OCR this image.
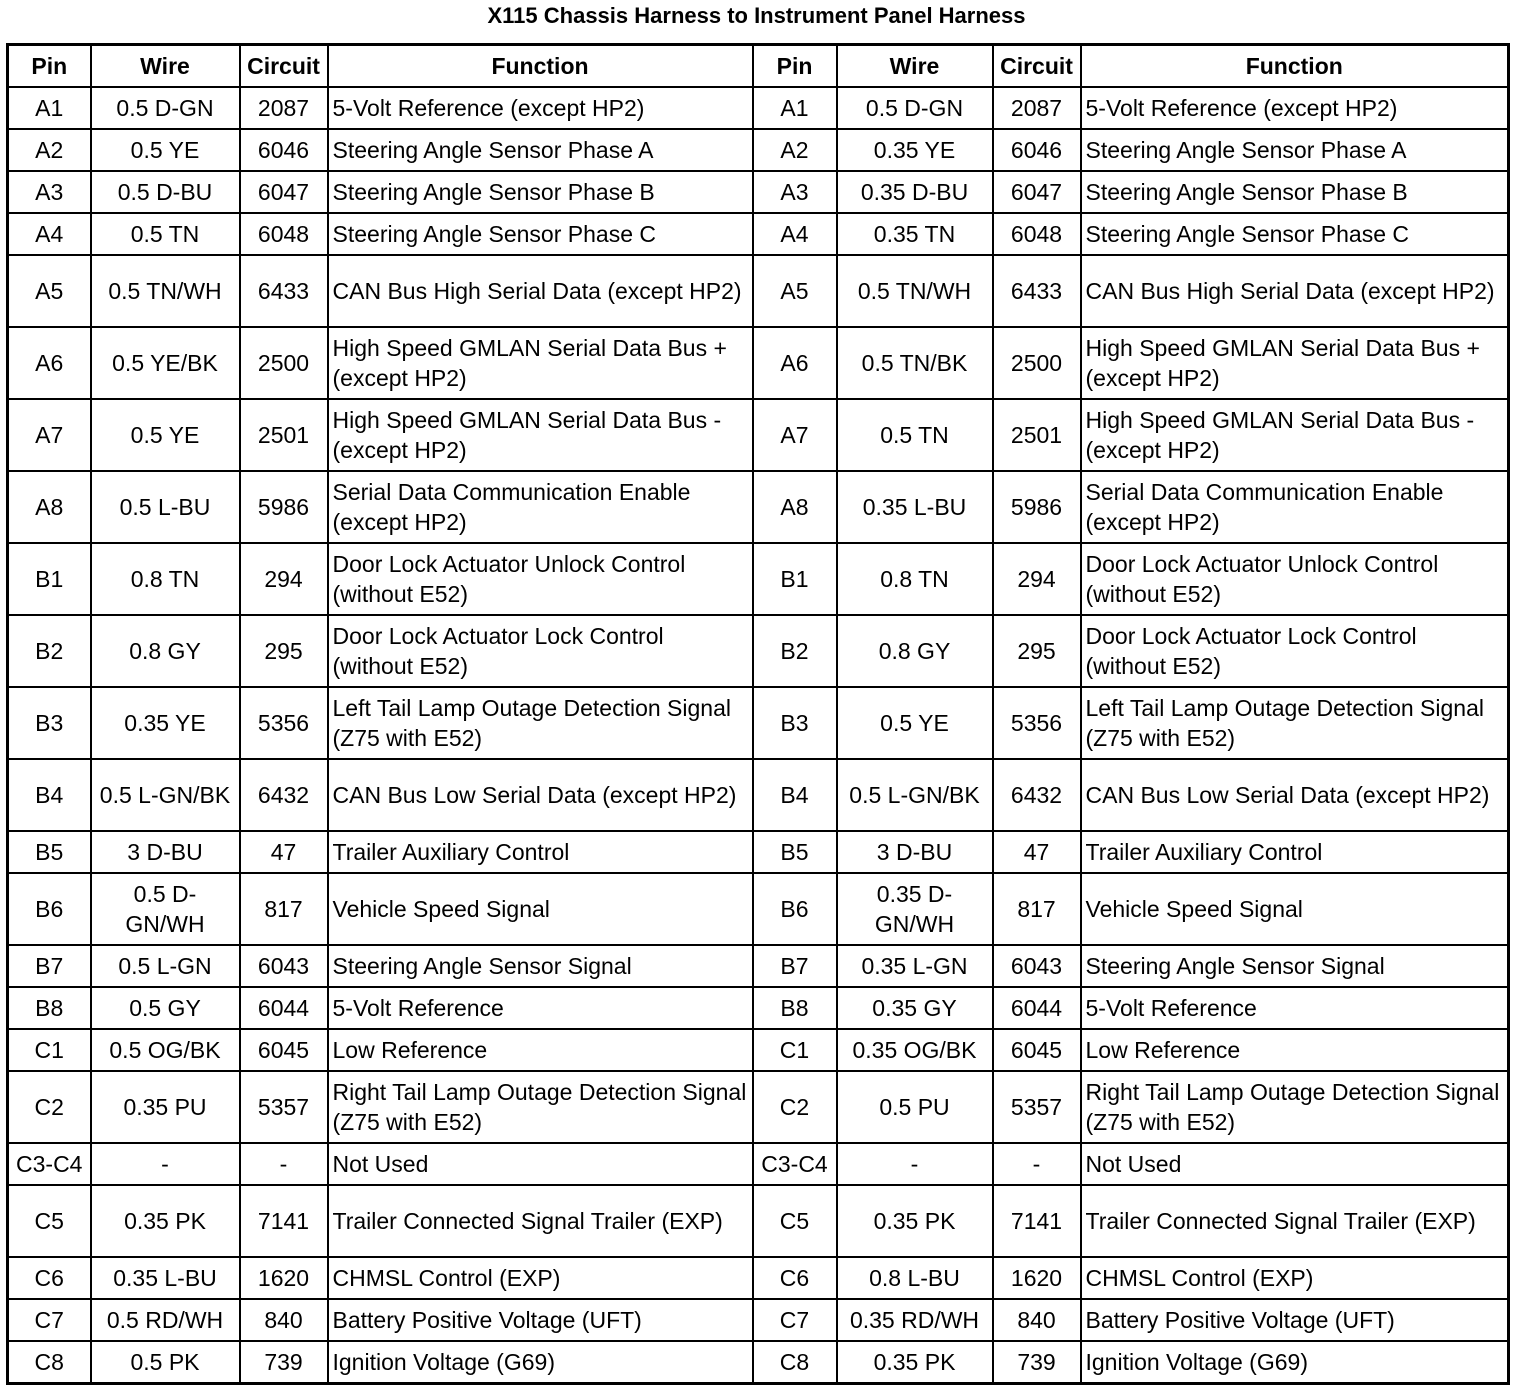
X115 Chassis Harness to Instrument Panel Harness
Pin	Wire	Circuit	Function	Pin	Wire	Circuit	Function
A1	0.5 D-GN	2087	5-Volt Reference (except HP2)	A1	0.5 D-GN	2087	5-Volt Reference (except HP2)
A2	0.5 YE	6046	Steering Angle Sensor Phase A	A2	0.35 YE	6046	Steering Angle Sensor Phase A
A3	0.5 D-BU	6047	Steering Angle Sensor Phase B	A3	0.35 D-BU	6047	Steering Angle Sensor Phase B
A4	0.5 TN	6048	Steering Angle Sensor Phase C	A4	0.35 TN	6048	Steering Angle Sensor Phase C
A5	0.5 TN/WH	6433	CAN Bus High Serial Data (except HP2)	A5	0.5 TN/WH	6433	CAN Bus High Serial Data (except HP2)
A6	0.5 YE/BK	2500	High Speed GMLAN Serial Data Bus + (except HP2)	A6	0.5 TN/BK	2500	High Speed GMLAN Serial Data Bus + (except HP2)
A7	0.5 YE	2501	High Speed GMLAN Serial Data Bus - (except HP2)	A7	0.5 TN	2501	High Speed GMLAN Serial Data Bus - (except HP2)
A8	0.5 L-BU	5986	Serial Data Communication Enable (except HP2)	A8	0.35 L-BU	5986	Serial Data Communication Enable (except HP2)
B1	0.8 TN	294	Door Lock Actuator Unlock Control (without E52)	B1	0.8 TN	294	Door Lock Actuator Unlock Control (without E52)
B2	0.8 GY	295	Door Lock Actuator Lock Control (without E52)	B2	0.8 GY	295	Door Lock Actuator Lock Control (without E52)
B3	0.35 YE	5356	Left Tail Lamp Outage Detection Signal (Z75 with E52)	B3	0.5 YE	5356	Left Tail Lamp Outage Detection Signal (Z75 with E52)
B4	0.5 L-GN/BK	6432	CAN Bus Low Serial Data (except HP2)	B4	0.5 L-GN/BK	6432	CAN Bus Low Serial Data (except HP2)
B5	3 D-BU	47	Trailer Auxiliary Control	B5	3 D-BU	47	Trailer Auxiliary Control
B6	0.5 D-GN/WH	817	Vehicle Speed Signal	B6	0.35 D-GN/WH	817	Vehicle Speed Signal
B7	0.5 L-GN	6043	Steering Angle Sensor Signal	B7	0.35 L-GN	6043	Steering Angle Sensor Signal
B8	0.5 GY	6044	5-Volt Reference	B8	0.35 GY	6044	5-Volt Reference
C1	0.5 OG/BK	6045	Low Reference	C1	0.35 OG/BK	6045	Low Reference
C2	0.35 PU	5357	Right Tail Lamp Outage Detection Signal (Z75 with E52)	C2	0.5 PU	5357	Right Tail Lamp Outage Detection Signal (Z75 with E52)
C3-C4	-	-	Not Used	C3-C4	-	-	Not Used
C5	0.35 PK	7141	Trailer Connected Signal Trailer (EXP)	C5	0.35 PK	7141	Trailer Connected Signal Trailer (EXP)
C6	0.35 L-BU	1620	CHMSL Control (EXP)	C6	0.8 L-BU	1620	CHMSL Control (EXP)
C7	0.5 RD/WH	840	Battery Positive Voltage (UFT)	C7	0.35 RD/WH	840	Battery Positive Voltage (UFT)
C8	0.5 PK	739	Ignition Voltage (G69)	C8	0.35 PK	739	Ignition Voltage (G69)
